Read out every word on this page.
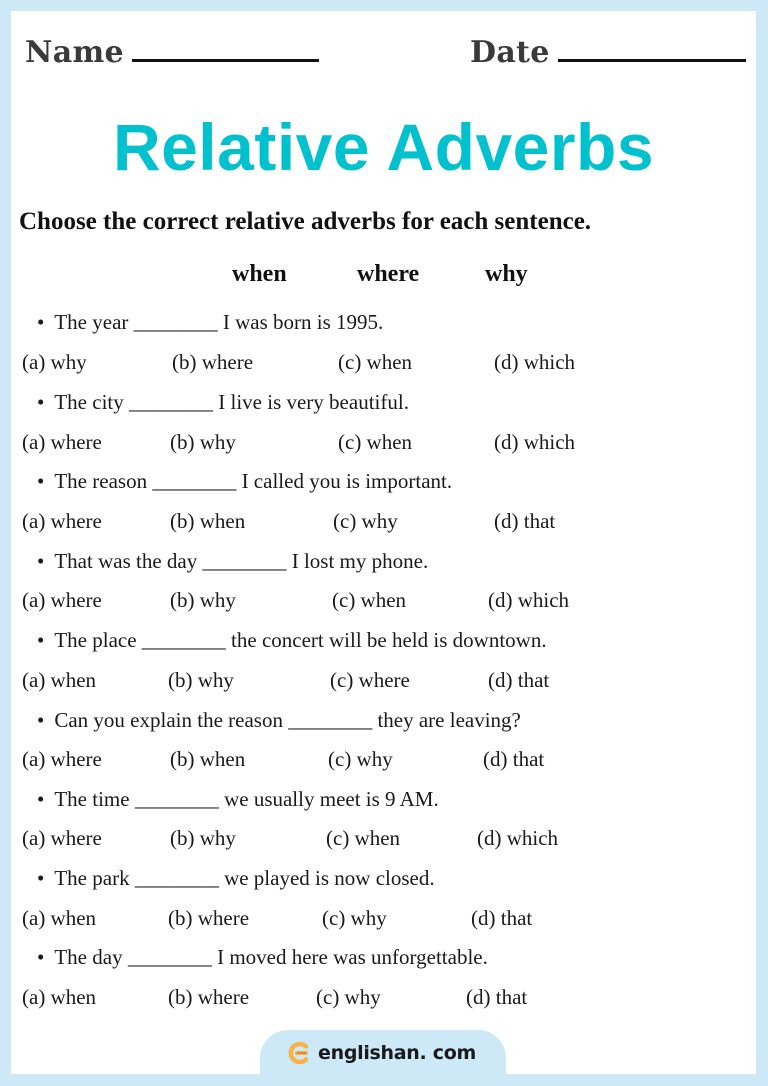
Name	Date
Relative Adverbs
Choose the correct relative adverbs for each sentence.
when	where	why
• The year ________ I was born is 1995.
(a) why	(b) where	(c) when	(d) which
• The city ________ I live is very beautiful.
(a) where	(b) why	(c) when	(d) which
• The reason ________ I called you is important.
(a) where	(b) when	(c) why	(d) that
• That was the day ________ I lost my phone.
(a) where	(b) why	(c) when	(d) which
• The place ________ the concert will be held is downtown.
(a) when	(b) why	(c) where	(d) that
• Can you explain the reason ________ they are leaving?
(a) where	(b) when	(c) why	(d) that
• The time ________ we usually meet is 9 AM.
(a) where	(b) why	(c) when	(d) which
• The park ________ we played is now closed.
(a) when	(b) where	(c) why	(d) that
• The day ________ I moved here was unforgettable.
(a) when	(b) where	(c) why	(d) that
englishan. com
